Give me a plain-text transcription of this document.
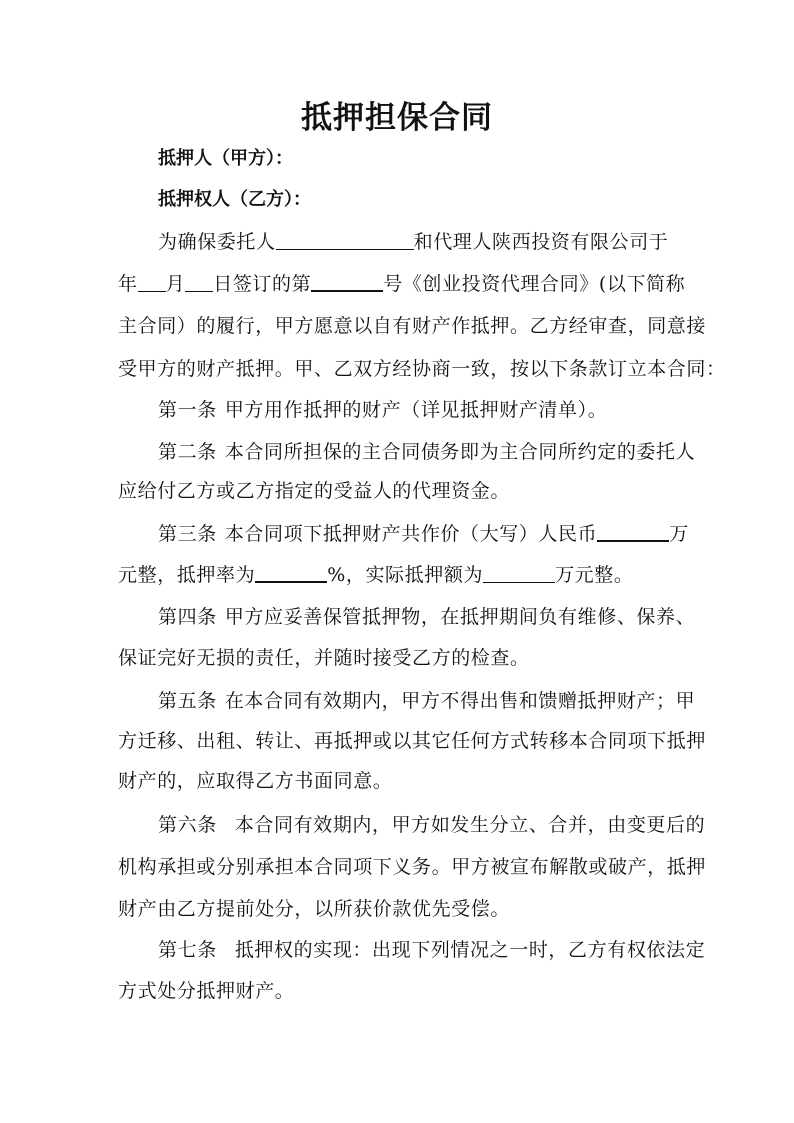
抵押担保合同
抵押人（甲方）：
抵押权人（乙方）：
为确保委托人	和代理人陕西投资有限公司于
年 月 日签订的第	号《创业投资代理合同》(以下简称
主合同）的履行，甲方愿意以自有财产作抵押。乙方经审查，同意接
受甲方的财产抵押。甲、乙双方经协商一致，按以下条款订立本合同：
第一条 甲方用作抵押的财产（详见抵押财产清单）。
第二条 本合同所担保的主合同债务即为主合同所约定的委托人
应给付乙方或乙方指定的受益人的代理资金。
第三条 本合同项下抵押财产共作价（大写）人民币	万
元整，抵押率为	%，实际抵押额为	万元整。
第四条 甲方应妥善保管抵押物，在抵押期间负有维修、保养、
保证完好无损的责任，并随时接受乙方的检查。
第五条 在本合同有效期内，甲方不得出售和馈赠抵押财产；甲
方迁移、出租、转让、再抵押或以其它任何方式转移本合同项下抵押
财产的，应取得乙方书面同意。
第六条 本合同有效期内，甲方如发生分立、合并，由变更后的
机构承担或分别承担本合同项下义务。甲方被宣布解散或破产，抵押
财产由乙方提前处分，以所获价款优先受偿。
第七条 抵押权的实现：出现下列情况之一时，乙方有权依法定
方式处分抵押财产。
